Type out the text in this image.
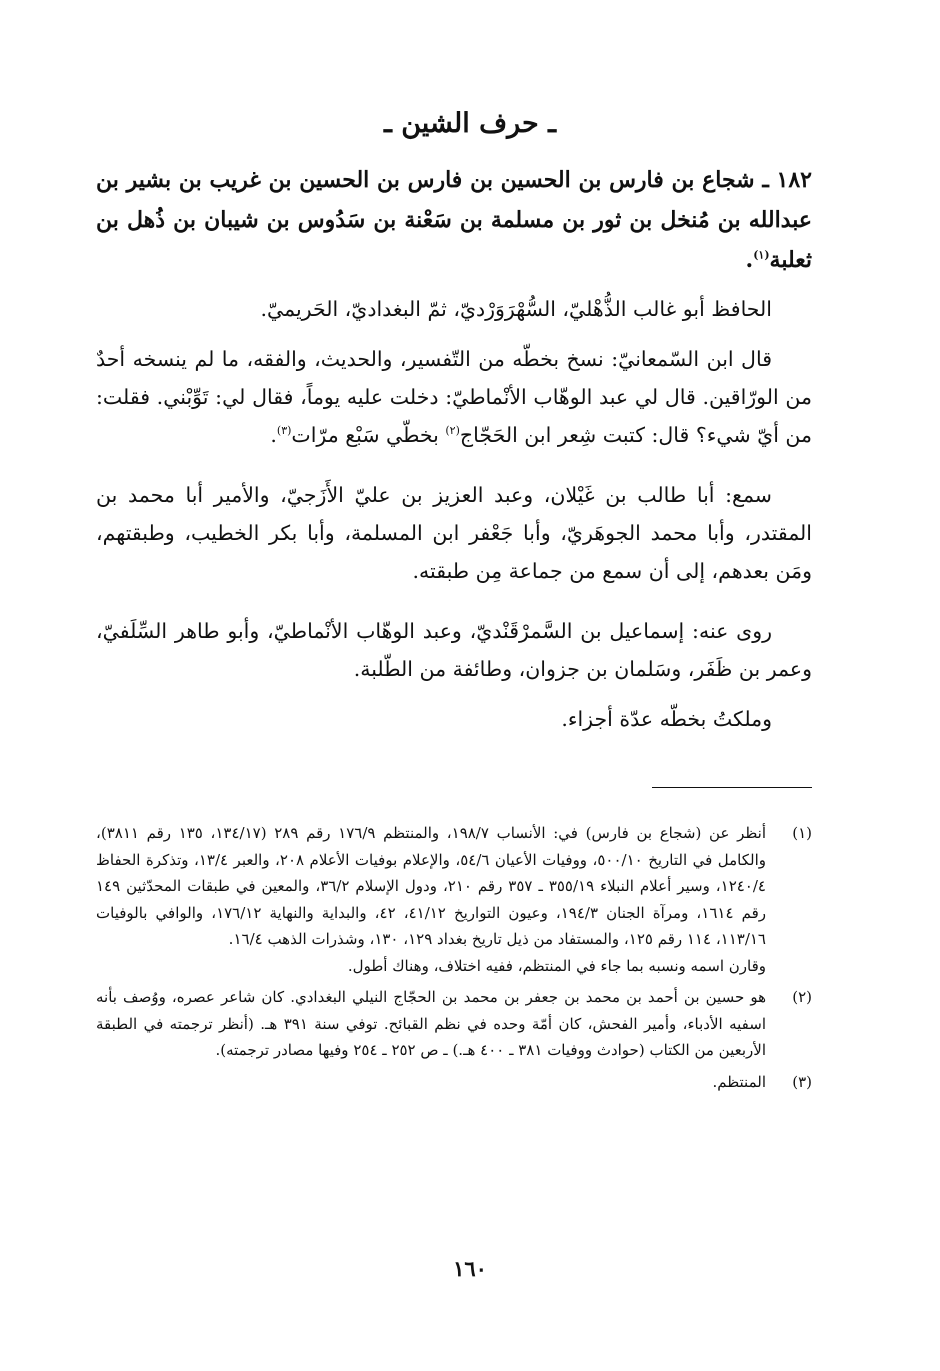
ـ حرف الشين ـ

١٨٢ ـ شجاع بن فارس بن الحسين بن فارس بن الحسين بن غريب بن بشير بن عبدالله بن مُنخل بن ثور بن مسلمة بن سَعْنة بن سَدُوس بن شيبان بن ذُهل بن ثعلبة$^{(١)}$.

الحافظ أبو غالب الذُّهْليّ، السُّهْرَوَرْديّ، ثمّ البغداديّ، الحَريميّ.

قال ابن السّمعانيّ: نسخ بخطّه من التّفسير، والحديث، والفقه، ما لم ينسخه أحدٌ من الورّاقين. قال لي عبد الوهّاب الأنْماطيّ: دخلت عليه يوماً، فقال لي: تَوِّبْني. فقلت: من أيّ شيء؟ قال: كتبت شِعر ابن الحَجّاج$^{(٢)}$ بخطّي سَبْع مرّات$^{(٣)}$.

سمع: أبا طالب بن غَيْلان، وعبد العزيز بن عليّ الأَزَجيّ، والأمير أبا محمد بن المقتدر، وأبا محمد الجوهَريّ، وأبا جَعْفر ابن المسلمة، وأبا بكر الخطيب، وطبقتهم، ومَن بعدهم، إلى أن سمع من جماعة مِن طبقته.

روى عنه: إسماعيل بن السَّمرْقَنْديّ، وعبد الوهّاب الأنْماطيّ، وأبو طاهر السِّلَفيّ، وعمر بن ظَفَر، وسَلمان بن جزوان، وطائفة من الطّلبة.

وملكتُ بخطّه عدّة أجزاء.

(١)

أنظر عن (شجاع بن فارس) في: الأنساب ١٩٨/٧، والمنتظم ١٧٦/٩ رقم ٢٨٩ (١٣٤/١٧، ١٣٥ رقم ٣٨١١)، والكامل في التاريخ ٥٠٠/١٠، ووفيات الأعيان ٥٤/٦، والإعلام بوفيات الأعلام ٢٠٨، والعبر ١٣/٤، وتذكرة الحفاظ ١٢٤٠/٤، وسير أعلام النبلاء ٣٥٥/١٩ ـ ٣٥٧ رقم ٢١٠، ودول الإسلام ٣٦/٢، والمعين في طبقات المحدّثين ١٤٩ رقم ١٦١٤، ومرآة الجنان ١٩٤/٣، وعيون التواريخ ٤١/١٢، ٤٢، والبداية والنهاية ١٧٦/١٢، والوافي بالوفيات ١١٣/١٦، ١١٤ رقم ١٢٥، والمستفاد من ذيل تاريخ بغداد ١٢٩، ١٣٠، وشذرات الذهب ١٦/٤.

وقارن اسمه ونسبه بما جاء في المنتظم، ففيه اختلاف، وهناك أطول.

(٢)

هو حسين بن أحمد بن محمد بن جعفر بن محمد بن الحجّاج النيلي البغدادي. كان شاعر عصره، ووُصف بأنه اسفيه الأدباء، وأمير الفحش، كان أمّة وحده في نظم القبائح. توفي سنة ٣٩١ هـ. (أنظر ترجمته في الطبقة الأربعين من الكتاب (حوادث ووفيات ٣٨١ ـ ٤٠٠ هـ.) ـ ص ٢٥٢ ـ ٢٥٤ وفيها مصادر ترجمته).

(٣)

المنتظم.

١٦٠
